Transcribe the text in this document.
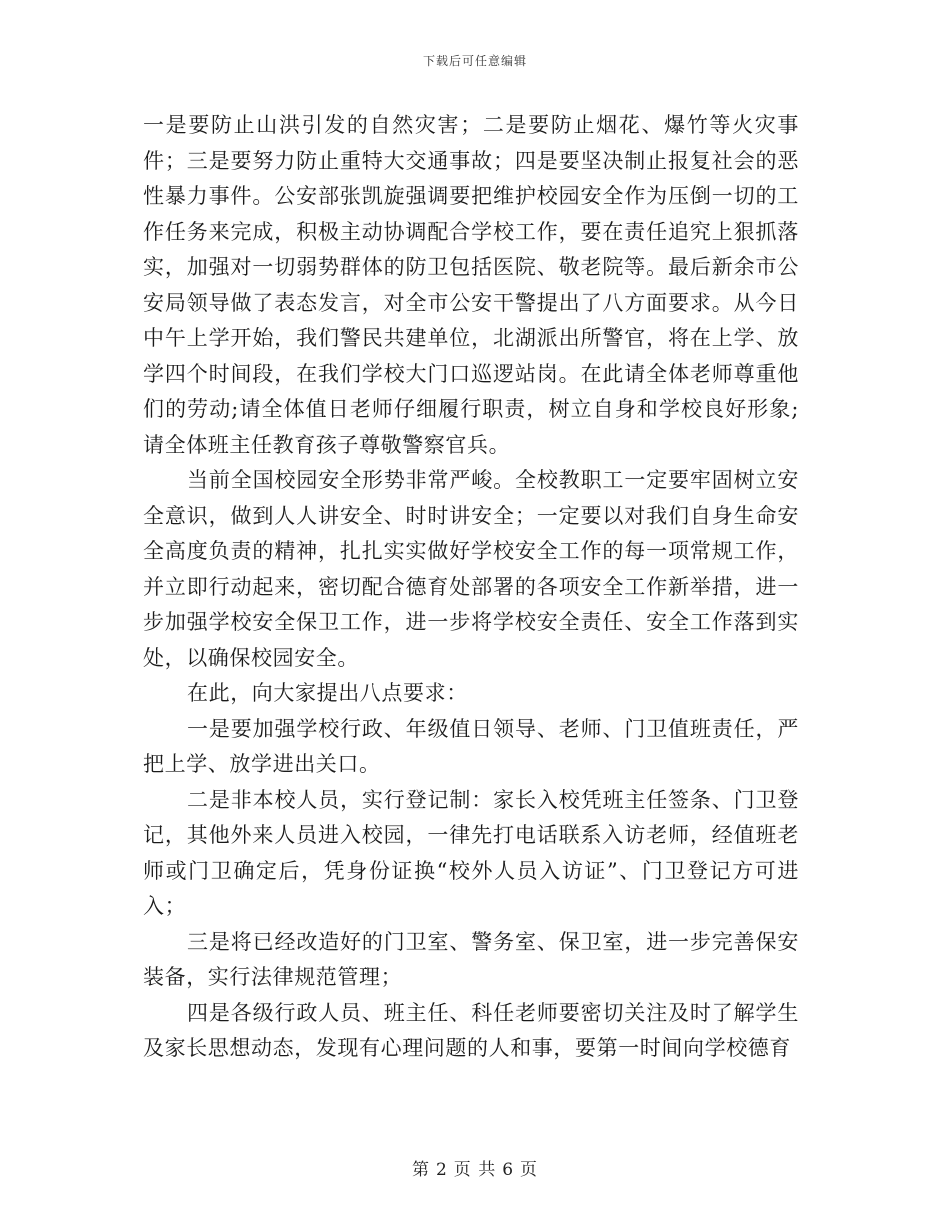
下载后可任意编辑

一是要防止山洪引发的自然灾害；二是要防止烟花、爆竹等火灾事件；三是要努力防止重特大交通事故；四是要坚决制止报复社会的恶性暴力事件。公安部张凯旋强调要把维护校园安全作为压倒一切的工作任务来完成，积极主动协调配合学校工作，要在责任追究上狠抓落实，加强对一切弱势群体的防卫包括医院、敬老院等。最后新余市公安局领导做了表态发言，对全市公安干警提出了八方面要求。从今日中午上学开始，我们警民共建单位，北湖派出所警官，将在上学、放学四个时间段，在我们学校大门口巡逻站岗。在此请全体老师尊重他们的劳动;请全体值日老师仔细履行职责，树立自身和学校良好形象;请全体班主任教育孩子尊敬警察官兵。

当前全国校园安全形势非常严峻。全校教职工一定要牢固树立安全意识，做到人人讲安全、时时讲安全；一定要以对我们自身生命安全高度负责的精神，扎扎实实做好学校安全工作的每一项常规工作，并立即行动起来，密切配合德育处部署的各项安全工作新举措，进一步加强学校安全保卫工作，进一步将学校安全责任、安全工作落到实处，以确保校园安全。

在此，向大家提出八点要求：

一是要加强学校行政、年级值日领导、老师、门卫值班责任，严把上学、放学进出关口。

二是非本校人员，实行登记制：家长入校凭班主任签条、门卫登记，其他外来人员进入校园，一律先打电话联系入访老师，经值班老师或门卫确定后，凭身份证换“校外人员入访证”、门卫登记方可进入；

三是将已经改造好的门卫室、警务室、保卫室，进一步完善保安装备，实行法律规范管理；

四是各级行政人员、班主任、科任老师要密切关注及时了解学生及家长思想动态，发现有心理问题的人和事，要第一时间向学校德育

第 2 页 共 6 页
